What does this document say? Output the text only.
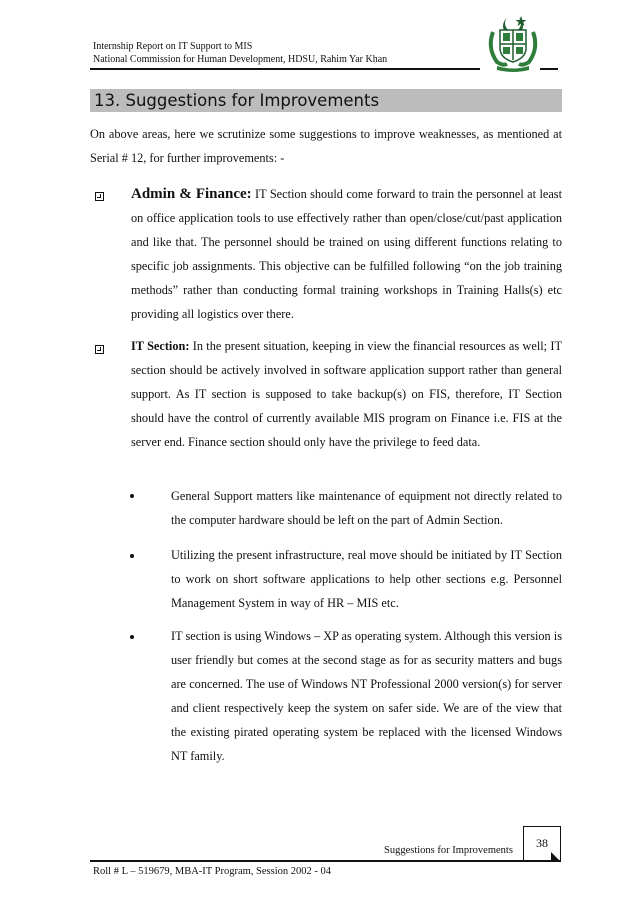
Internship Report on IT Support to MIS
National Commission for Human Development, HDSU, Rahim Yar Khan
13. Suggestions for Improvements
On above areas, here we scrutinize some suggestions to improve weaknesses, as mentioned at Serial # 12, for further improvements: -
Admin & Finance: IT Section should come forward to train the personnel at least on office application tools to use effectively rather than open/close/cut/past application and like that. The personnel should be trained on using different functions relating to specific job assignments. This objective can be fulfilled following “on the job training methods” rather than conducting formal training workshops in Training Halls(s) etc providing all logistics over there.
IT Section: In the present situation, keeping in view the financial resources as well; IT section should be actively involved in software application support rather than general support. As IT section is supposed to take backup(s) on FIS, therefore, IT Section should have the control of currently available MIS program on Finance i.e. FIS at the server end. Finance section should only have the privilege to feed data.
General Support matters like maintenance of equipment not directly related to the computer hardware should be left on the part of Admin Section.
Utilizing the present infrastructure, real move should be initiated by IT Section to work on short software applications to help other sections e.g. Personnel Management System in way of HR – MIS etc.
IT section is using Windows – XP as operating system. Although this version is user friendly but comes at the second stage as for as security matters and bugs are concerned. The use of Windows NT Professional 2000 version(s) for server and client respectively keep the system on safer side. We are of the view that the existing pirated operating system be replaced with the licensed Windows NT family.
Suggestions for Improvements
38
Roll # L – 519679, MBA-IT Program, Session 2002 - 04
